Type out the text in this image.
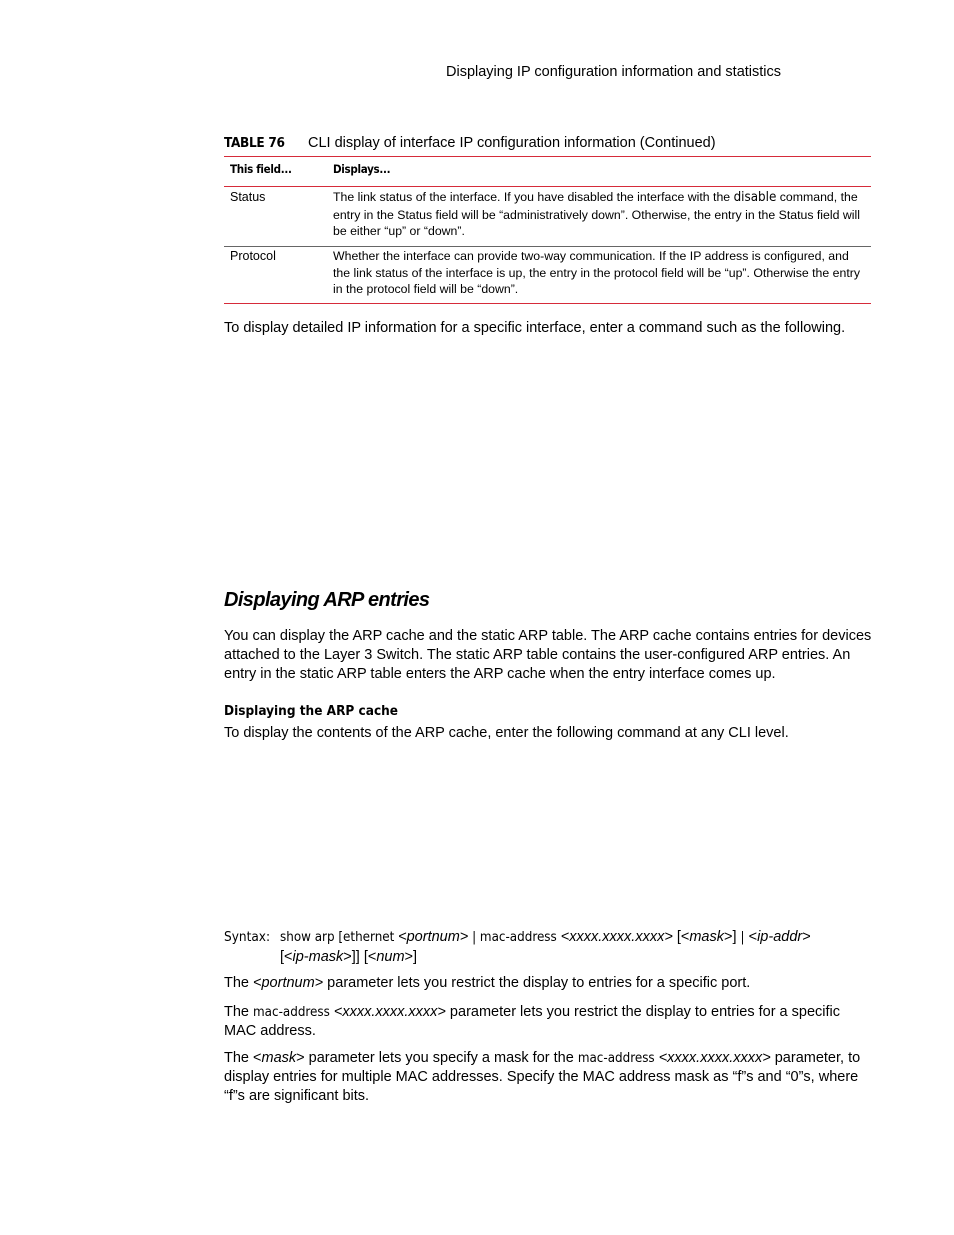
Displaying IP configuration information and statistics
TABLE 76 CLI display of interface IP configuration information (Continued)
This field...	Displays...
Status	The link status of the interface. If you have disabled the interface with the disable command, the entry in the Status field will be “administratively down”. Otherwise, the entry in the Status field will be either “up” or “down”.
Protocol	Whether the interface can provide two-way communication. If the IP address is configured, and the link status of the interface is up, the entry in the protocol field will be “up”. Otherwise the entry in the protocol field will be “down”.
To display detailed IP information for a specific interface, enter a command such as the following.
Displaying ARP entries
You can display the ARP cache and the static ARP table. The ARP cache contains entries for devices attached to the Layer 3 Switch. The static ARP table contains the user-configured ARP entries. An entry in the static ARP table enters the ARP cache when the entry interface comes up.
Displaying the ARP cache
To display the contents of the ARP cache, enter the following command at any CLI level.
Syntax: show arp [ethernet <portnum> | mac-address <xxxx.xxxx.xxxx> [<mask>] | <ip-addr>
[<ip-mask>]] [<num>]
The <portnum> parameter lets you restrict the display to entries for a specific port.
The mac-address <xxxx.xxxx.xxxx> parameter lets you restrict the display to entries for a specific MAC address.
The <mask> parameter lets you specify a mask for the mac-address <xxxx.xxxx.xxxx> parameter, to display entries for multiple MAC addresses. Specify the MAC address mask as “f”s and “0”s, where “f”s are significant bits.
